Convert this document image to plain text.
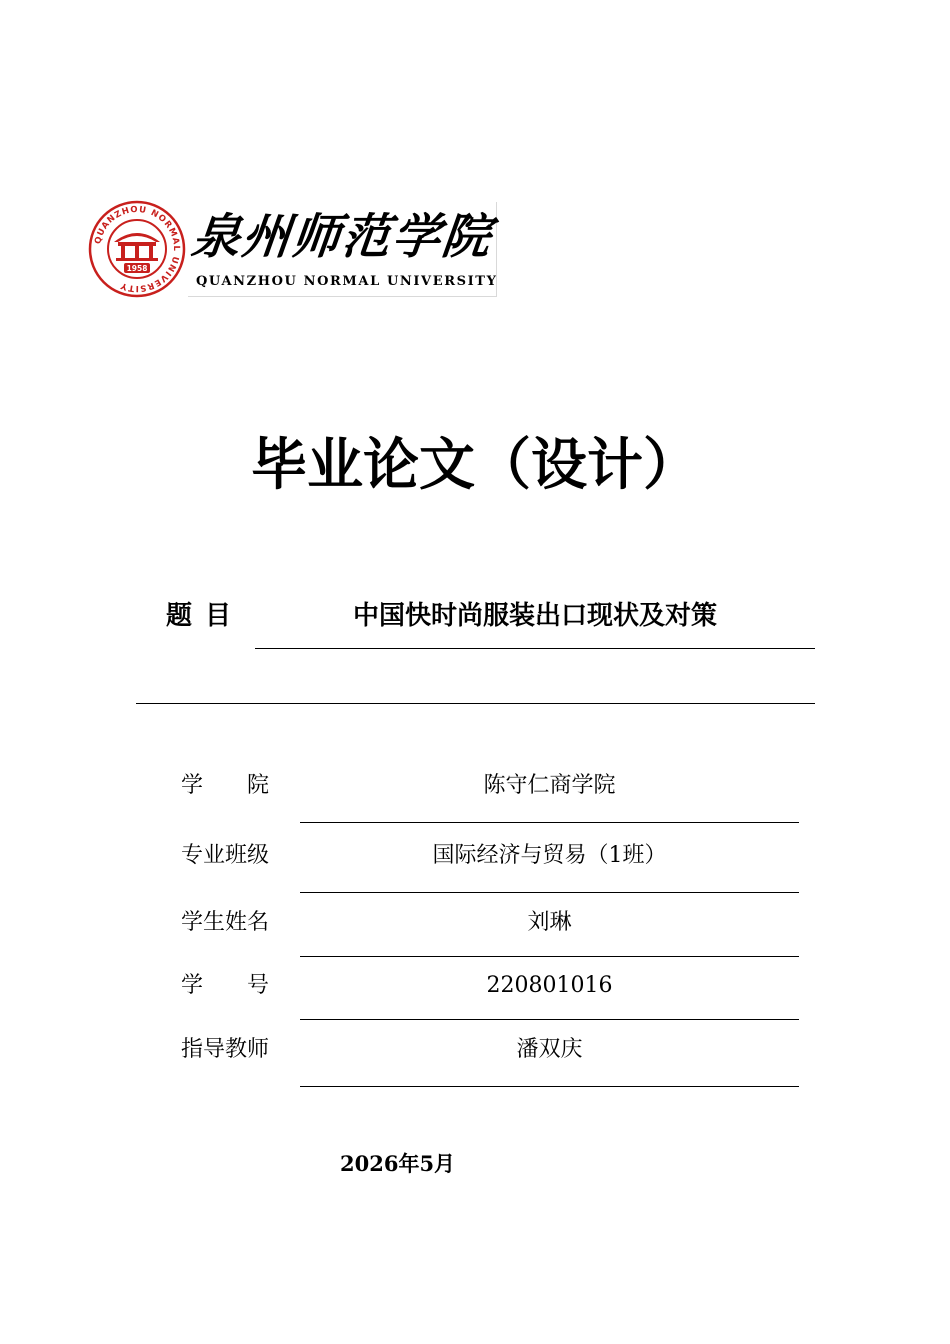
QUANZHOU NORMAL UNIVERSITY
1958
泉州师范学院
QUANZHOU NORMAL UNIVERSITY
毕业论文（设计）
题 目	中国快时尚服装出口现状及对策
学　　院	陈守仁商学院
专业班级	国际经济与贸易（1班）
学生姓名	刘琳
学　　号	220801016
指导教师	潘双庆
2026年5月
